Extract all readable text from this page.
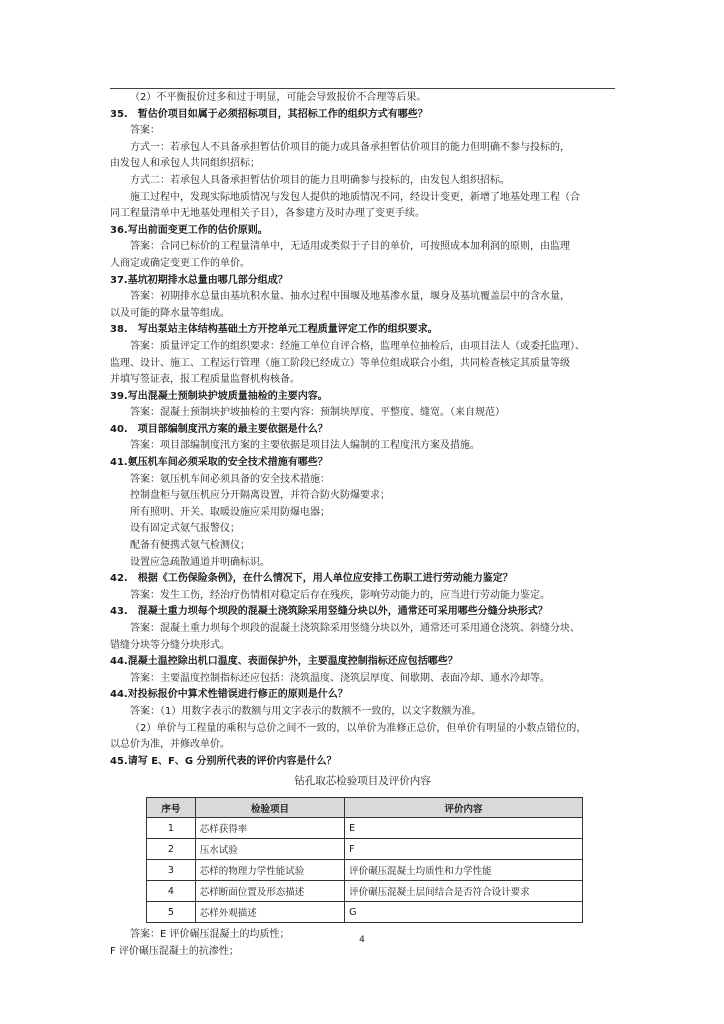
（2）不平衡报价过多和过于明显，可能会导致报价不合理等后果。
35.　暂估价项目如属于必须招标项目，其招标工作的组织方式有哪些？
答案：
方式一：若承包人不具备承担暂估价项目的能力或具备承担暂估价项目的能力但明确不参与投标的，
由发包人和承包人共同组织招标；
方式二：若承包人具备承担暂估价项目的能力且明确参与投标的，由发包人组织招标。
施工过程中，发现实际地质情况与发包人提供的地质情况不同，经设计变更，新增了地基处理工程（合
同工程量清单中无地基处理相关子目），各参建方及时办理了变更手续。
36.写出前面变更工作的估价原则。
答案：合同已标价的工程量清单中，无适用或类似于子目的单价，可按照成本加利润的原则，由监理
人商定或确定变更工作的单价。
37.基坑初期排水总量由哪几部分组成？
答案：初期排水总量由基坑积水量、抽水过程中围堰及地基渗水量，堰身及基坑覆盖层中的含水量，
以及可能的降水量等组成。
38.　写出泵站主体结构基础土方开挖单元工程质量评定工作的组织要求。
答案：质量评定工作的组织要求：经施工单位自评合格，监理单位抽检后，由项目法人（或委托监理）、
监理、设计、施工、工程运行管理（施工阶段已经成立）等单位组成联合小组，共同检查核定其质量等级
并填写签证表，报工程质量监督机构核备。
39.写出混凝土预制块护坡质量抽检的主要内容。
答案：混凝土预制块护坡抽检的主要内容：预制块厚度、平整度、缝宽。（来自规范）
40.　项目部编制度汛方案的最主要依据是什么？
答案：项目部编制度汛方案的主要依据是项目法人编制的工程度汛方案及措施。
41.氨压机车间必须采取的安全技术措施有哪些？
答案：氨压机车间必须具备的安全技术措施：
控制盘柜与氨压机应分开隔离设置，并符合防火防爆要求；
所有照明、开关、取暖设施应采用防爆电器；
设有固定式氨气报警仪；
配备有便携式氨气检测仪；
设置应急疏散通道并明确标识。
42.　根据《工伤保险条例》，在什么情况下，用人单位应安排工伤职工进行劳动能力鉴定？
答案：发生工伤，经治疗伤情相对稳定后存在残疾，影响劳动能力的，应当进行劳动能力鉴定。
43.　混凝土重力坝每个坝段的混凝土浇筑除采用竖缝分块以外，通常还可采用哪些分缝分块形式？
答案：混凝土重力坝每个坝段的混凝土浇筑除采用竖缝分块以外，通常还可采用通仓浇筑、斜缝分块、
错缝分块等分缝分块形式。
44.混凝土温控除出机口温度、表面保护外，主要温度控制指标还应包括哪些？
答案：主要温度控制指标还应包括：浇筑温度、浇筑层厚度、间歇期、表面冷却、通水冷却等。
44.对投标报价中算术性错误进行修正的原则是什么？
答案：（1）用数字表示的数额与用文字表示的数额不一致的，以文字数额为准。
（2）单价与工程量的乘积与总价之间不一致的，以单价为准修正总价，但单价有明显的小数点错位的，
以总价为准，并修改单价。
45.请写 E、F、G 分别所代表的评价内容是什么？
钻孔取芯检验项目及评价内容
序号	检验项目	评价内容
1	芯样获得率	E
2	压水试验	F
3	芯样的物理力学性能试验	评价碾压混凝土均质性和力学性能
4	芯样断面位置及形态描述	评价碾压混凝土层间结合是否符合设计要求
5	芯样外观描述	G
答案：E 评价碾压混凝土的均质性；
F 评价碾压混凝土的抗渗性；
4
